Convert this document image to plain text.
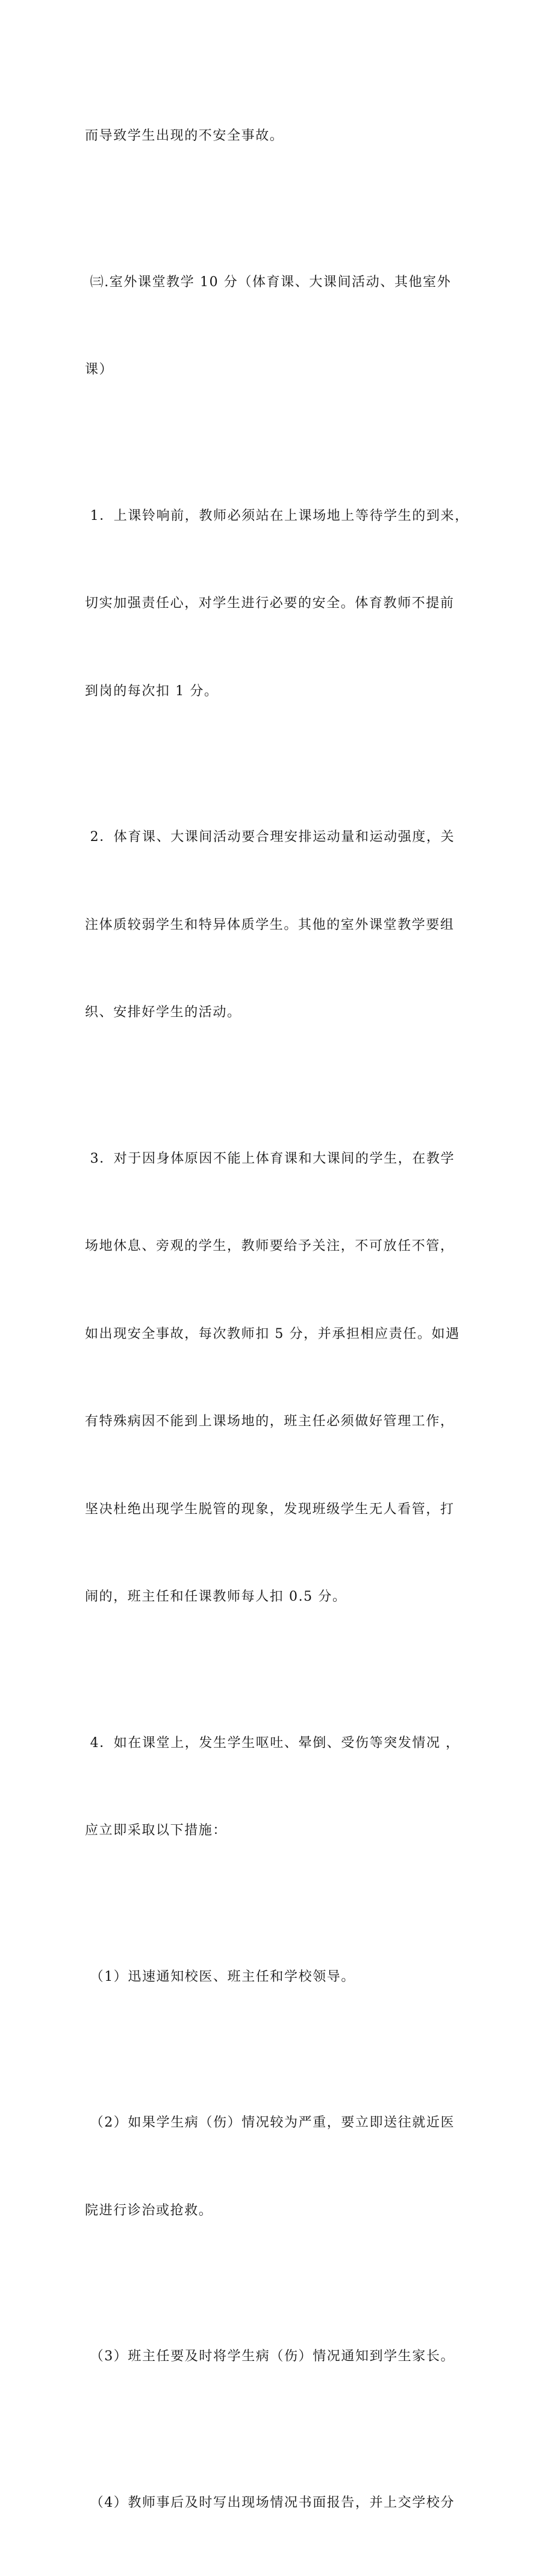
而导致学生出现的不安全事故。

㈢.室外课堂教学 10 分（体育课、大课间活动、其他室外

课）

1．上课铃响前，教师必须站在上课场地上等待学生的到来，

切实加强责任心，对学生进行必要的安全。体育教师不提前

到岗的每次扣 1 分。

2．体育课、大课间活动要合理安排运动量和运动强度，关

注体质较弱学生和特异体质学生。其他的室外课堂教学要组

织、安排好学生的活动。

3．对于因身体原因不能上体育课和大课间的学生，在教学

场地休息、旁观的学生，教师要给予关注，不可放任不管，

如出现安全事故，每次教师扣 5 分，并承担相应责任。如遇

有特殊病因不能到上课场地的，班主任必须做好管理工作，

坚决杜绝出现学生脱管的现象，发现班级学生无人看管，打

闹的，班主任和任课教师每人扣 0.5 分。

4．如在课堂上，发生学生呕吐、晕倒、受伤等突发情况 ，

应立即采取以下措施：

（1）迅速通知校医、班主任和学校领导。

（2）如果学生病（伤）情况较为严重，要立即送往就近医

院进行诊治或抢救。

（3）班主任要及时将学生病（伤）情况通知到学生家长。

（4）教师事后及时写出现场情况书面报告，并上交学校分
